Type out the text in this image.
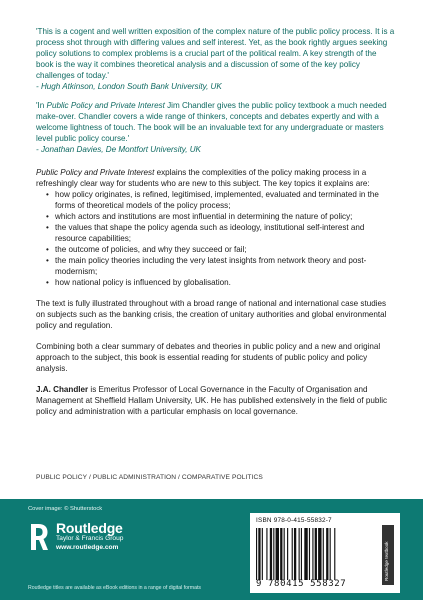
'This is a cogent and well written exposition of the complex nature of the public policy process. It is a process shot through with differing values and self interest. Yet, as the book rightly argues seeking policy solutions to complex problems is a crucial part of the political realm. A key strength of the book is the way it combines theoretical analysis and a discussion of some of the key policy challenges of today.'

- Hugh Atkinson, London South Bank University, UK

'In Public Policy and Private Interest Jim Chandler gives the public policy textbook a much needed make-over. Chandler covers a wide range of thinkers, concepts and debates expertly and with a welcome lightness of touch. The book will be an invaluable text for any undergraduate or masters level public policy course.'

- Jonathan Davies, De Montfort University, UK

Public Policy and Private Interest explains the complexities of the policy making process in a refreshingly clear way for students who are new to this subject. The key topics it explains are:

• how policy originates, is refined, legitimised, implemented, evaluated and terminated in the forms of theoretical models of the policy process;
• which actors and institutions are most influential in determining the nature of policy;
• the values that shape the policy agenda such as ideology, institutional self-interest and resource capabilities;
• the outcome of policies, and why they succeed or fail;
• the main policy theories including the very latest insights from network theory and post-modernism;
• how national policy is influenced by globalisation.

The text is fully illustrated throughout with a broad range of national and international case studies on subjects such as the banking crisis, the creation of unitary authorities and global environmental policy and regulation.

Combining both a clear summary of debates and theories in public policy and a new and original approach to the subject, this book is essential reading for students of public policy and policy analysis.

J.A. Chandler is Emeritus Professor of Local Governance in the Faculty of Organisation and Management at Sheffield Hallam University, UK. He has published extensively in the field of public policy and administration with a particular emphasis on local governance.

PUBLIC POLICY / PUBLIC ADMINISTRATION / COMPARATIVE POLITICS
Cover image: © Shutterstock
Routledge
Taylor & Francis Group
www.routledge.com
Routledge titles are available as eBook editions in a range of digital formats
ISBN 978-0-415-55832-7
9 780415 558327
Routledge textbook
